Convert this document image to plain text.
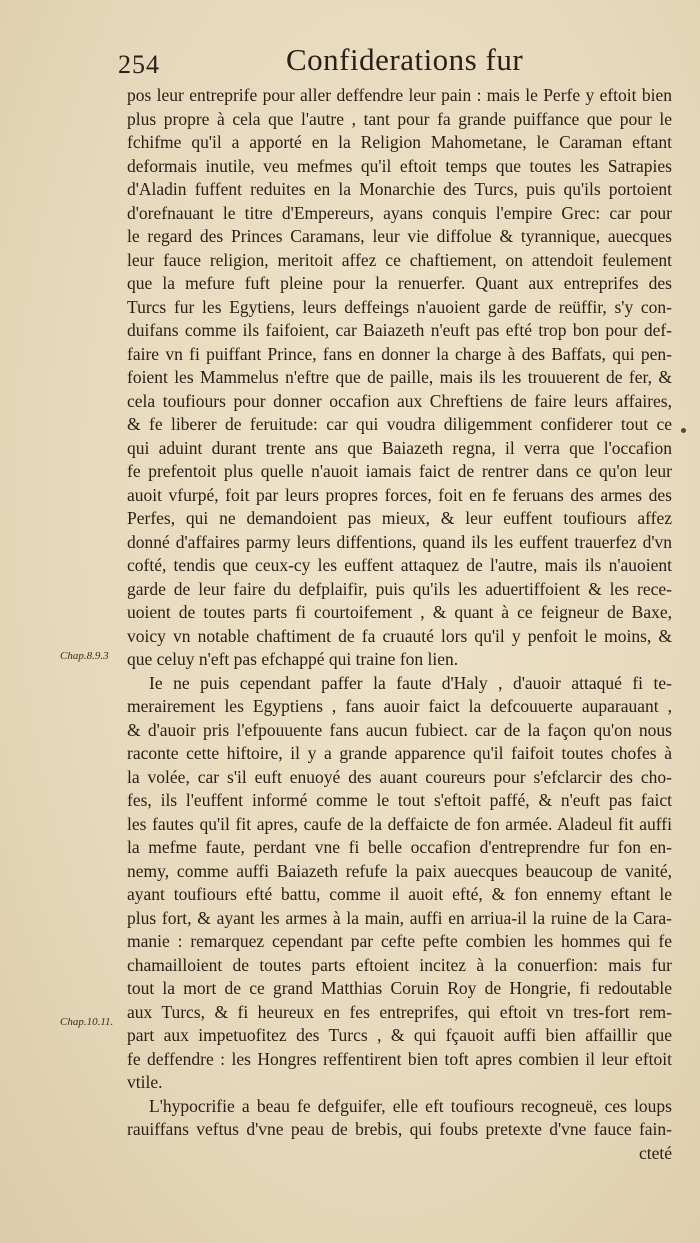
254	Confiderations fur
pos leur entreprife pour aller deffendre leur pain : mais le Perfe y eftoit bien
plus propre à cela que l'autre , tant pour fa grande puiffance que pour le
fchifme qu'il a apporté en la Religion Mahometane, le Caraman eftant
deformais inutile, veu mefmes qu'il eftoit temps que toutes les Satrapies
d'Aladin fuffent reduites en la Monarchie des Turcs, puis qu'ils portoient
d'orefnauant le titre d'Empereurs, ayans conquis l'empire Grec: car pour
le regard des Princes Caramans, leur vie diffolue & tyrannique, auecques
leur fauce religion, meritoit affez ce chaftiement, on attendoit feulement
que la mefure fuft pleine pour la renuerfer. Quant aux entreprifes des
Turcs fur les Egytiens, leurs deffeings n'auoient garde de reüffir, s'y con-
duifans comme ils faifoient, car Baiazeth n'euft pas efté trop bon pour def-
faire vn fi puiffant Prince, fans en donner la charge à des Baffats, qui pen-
foient les Mammelus n'eftre que de paille, mais ils les trouuerent de fer, &
cela toufiours pour donner occafion aux Chreftiens de faire leurs affaires,
& fe liberer de feruitude: car qui voudra diligemment confiderer tout ce
qui aduint durant trente ans que Baiazeth regna, il verra que l'occafion
fe prefentoit plus quelle n'auoit iamais faict de rentrer dans ce qu'on leur
auoit vfurpé, foit par leurs propres forces, foit en fe feruans des armes des
Perfes, qui ne demandoient pas mieux, & leur euffent toufiours affez
donné d'affaires parmy leurs diffentions, quand ils les euffent trauerfez d'vn
cofté, tendis que ceux-cy les euffent attaquez de l'autre, mais ils n'auoient
garde de leur faire du defplaifir, puis qu'ils les aduertiffoient & les rece-
uoient de toutes parts fi courtoifement , & quant à ce feigneur de Baxe,
voicy vn notable chaftiment de fa cruauté lors qu'il y penfoit le moins, &
que celuy n'eft pas efchappé qui traine fon lien.
Ie ne puis cependant paffer la faute d'Haly , d'auoir attaqué fi te-
merairement les Egyptiens , fans auoir faict la defcouuerte auparauant ,
& d'auoir pris l'efpouuente fans aucun fubiect. car de la façon qu'on nous
raconte cette hiftoire, il y a grande apparence qu'il faifoit toutes chofes à
la volée, car s'il euft enuoyé des auant coureurs pour s'efclarcir des cho-
fes, ils l'euffent informé comme le tout s'eftoit paffé, & n'euft pas faict
les fautes qu'il fit apres, caufe de la deffaicte de fon armée. Aladeul fit auffi
la mefme faute, perdant vne fi belle occafion d'entreprendre fur fon en-
nemy, comme auffi Baiazeth refufe la paix auecques beaucoup de vanité,
ayant toufiours efté battu, comme il auoit efté, & fon ennemy eftant le
plus fort, & ayant les armes à la main, auffi en arriua-il la ruine de la Cara-
manie : remarquez cependant par cefte pefte combien les hommes qui fe
chamailloient de toutes parts eftoient incitez à la conuerfion: mais fur
tout la mort de ce grand Matthias Coruin Roy de Hongrie, fi redoutable
aux Turcs, & fi heureux en fes entreprifes, qui eftoit vn tres-fort rem-
part aux impetuofitez des Turcs , & qui fçauoit auffi bien affaillir que
fe deffendre : les Hongres reffentirent bien toft apres combien il leur eftoit
vtile.
L'hypocrifie a beau fe defguifer, elle eft toufiours recogneuë, ces loups
rauiffans veftus d'vne peau de brebis, qui foubs pretexte d'vne fauce fain-
cteté
Chap.8.9.3
Chap.10.11.
